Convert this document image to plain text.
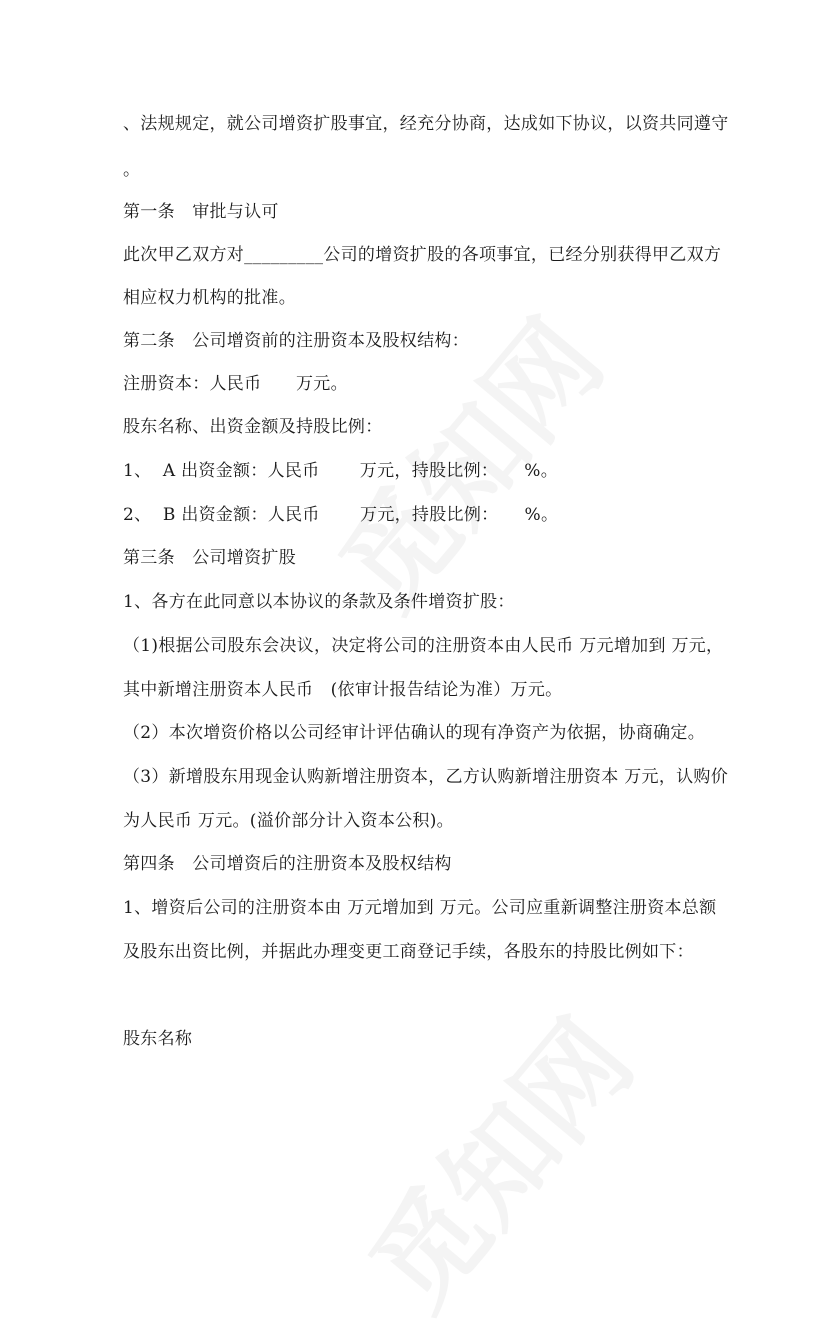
、法规规定，就公司增资扩股事宜，经充分协商，达成如下协议，以资共同遵守
。
第一条　审批与认可
此次甲乙双方对_________公司的增资扩股的各项事宜，已经分别获得甲乙双方
相应权力机构的批准。
第二条　公司增资前的注册资本及股权结构：
注册资本：人民币　　万元。
股东名称、出资金额及持股比例：
1、  A 出资金额：人民币　　 万元，持股比例：　　%。
2、  B 出资金额：人民币　　 万元，持股比例：　　%。
第三条　公司增资扩股
1、各方在此同意以本协议的条款及条件增资扩股：
（1)根据公司股东会决议，决定将公司的注册资本由人民币 万元增加到 万元，
其中新增注册资本人民币　(依审计报告结论为准）万元。
（2）本次增资价格以公司经审计评估确认的现有净资产为依据，协商确定。
（3）新增股东用现金认购新增注册资本，乙方认购新增注册资本 万元，认购价
为人民币 万元。(溢价部分计入资本公积)。
第四条　公司增资后的注册资本及股权结构
1、增资后公司的注册资本由 万元增加到 万元。公司应重新调整注册资本总额
及股东出资比例，并据此办理变更工商登记手续，各股东的持股比例如下：
股东名称
